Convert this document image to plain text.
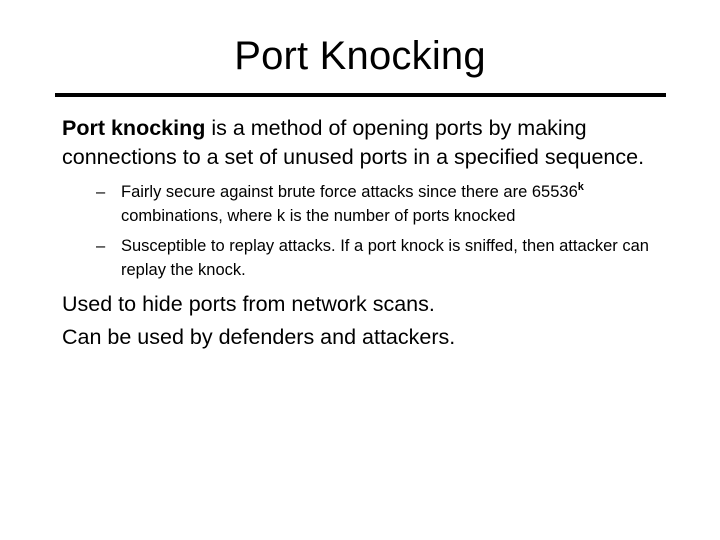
Port Knocking

Port knocking is a method of opening ports by making connections to a set of unused ports in a specified sequence.

– Fairly secure against brute force attacks since there are 65536$^k$ combinations, where k is the number of ports knocked
– Susceptible to replay attacks. If a port knock is sniffed, then attacker can replay the knock.

Used to hide ports from network scans.

Can be used by defenders and attackers.
